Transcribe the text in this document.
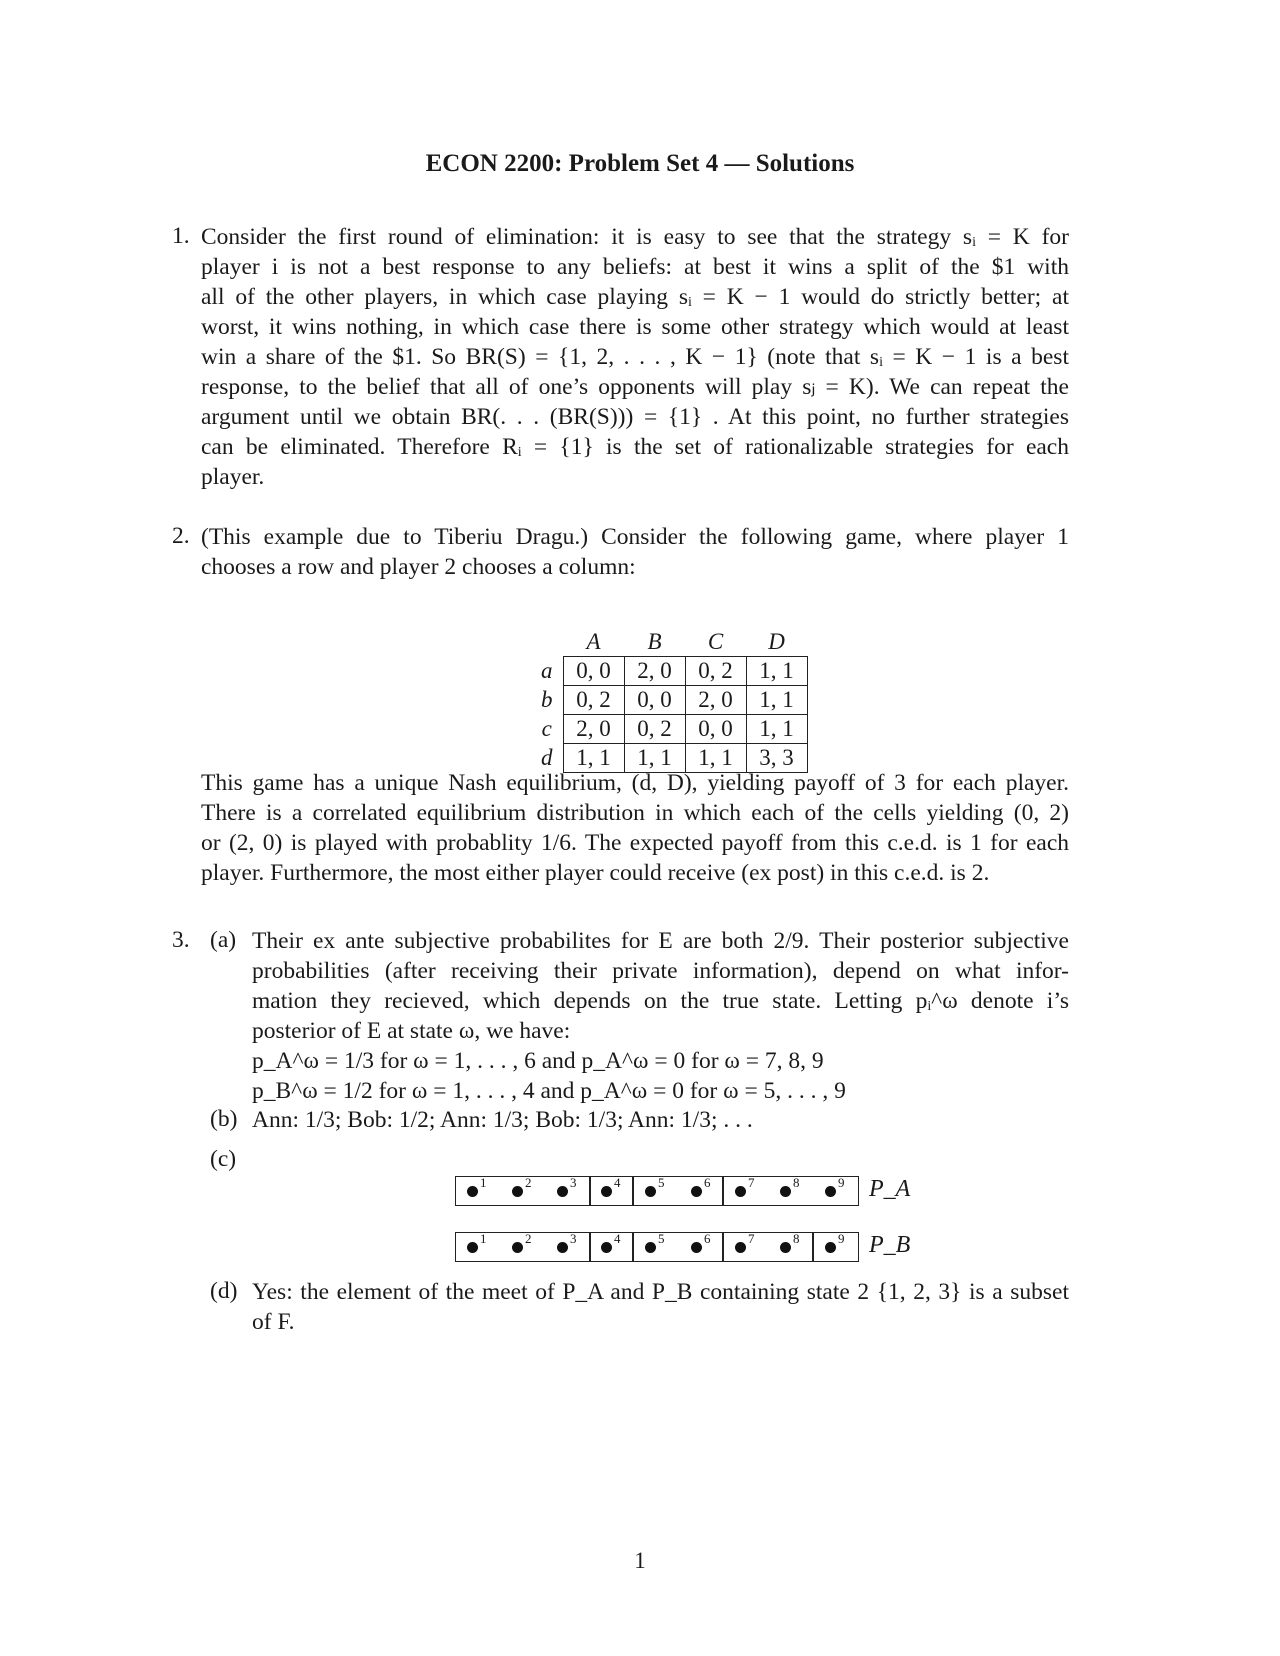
ECON 2200: Problem Set 4 — Solutions
1. Consider the first round of elimination: it is easy to see that the strategy sᵢ = K for
player i is not a best response to any beliefs: at best it wins a split of the $1 with
all of the other players, in which case playing sᵢ = K − 1 would do strictly better; at
worst, it wins nothing, in which case there is some other strategy which would at least
win a share of the $1. So BR(S) = {1, 2, . . . , K − 1} (note that sᵢ = K − 1 is a best
response, to the belief that all of one’s opponents will play sⱼ = K). We can repeat the
argument until we obtain BR(. . . (BR(S))) = {1} . At this point, no further strategies
can be eliminated. Therefore Rᵢ = {1} is the set of rationalizable strategies for each
player.
2. (This example due to Tiberiu Dragu.) Consider the following game, where player 1
chooses a row and player 2 chooses a column:
	A	B	C	D
a	0, 0	2, 0	0, 2	1, 1
b	0, 2	0, 0	2, 0	1, 1
c	2, 0	0, 2	0, 0	1, 1
d	1, 1	1, 1	1, 1	3, 3
This game has a unique Nash equilibrium, (d, D), yielding payoff of 3 for each player.
There is a correlated equilibrium distribution in which each of the cells yielding (0, 2)
or (2, 0) is played with probablity 1/6. The expected payoff from this c.e.d. is 1 for each
player. Furthermore, the most either player could receive (ex post) in this c.e.d. is 2.
3. (a) Their ex ante subjective probabilites for E are both 2/9. Their posterior subjective
probabilities (after receiving their private information), depend on what infor-
mation they recieved, which depends on the true state. Letting pᵢ^ω denote i’s
posterior of E at state ω, we have:
p_A^ω = 1/3 for ω = 1, . . . , 6 and p_A^ω = 0 for ω = 7, 8, 9
p_B^ω = 1/2 for ω = 1, . . . , 4 and p_A^ω = 0 for ω = 5, . . . , 9
(b) Ann: 1/3; Bob: 1/2; Ann: 1/3; Bob: 1/3; Ann: 1/3; . . .
(c)
1	2	3	4	5	6	7	8	9 P_A
1	2	3	4	5	6	7	8	9 P_B
(d) Yes: the element of the meet of P_A and P_B containing state 2 {1, 2, 3} is a subset
of F.
1
